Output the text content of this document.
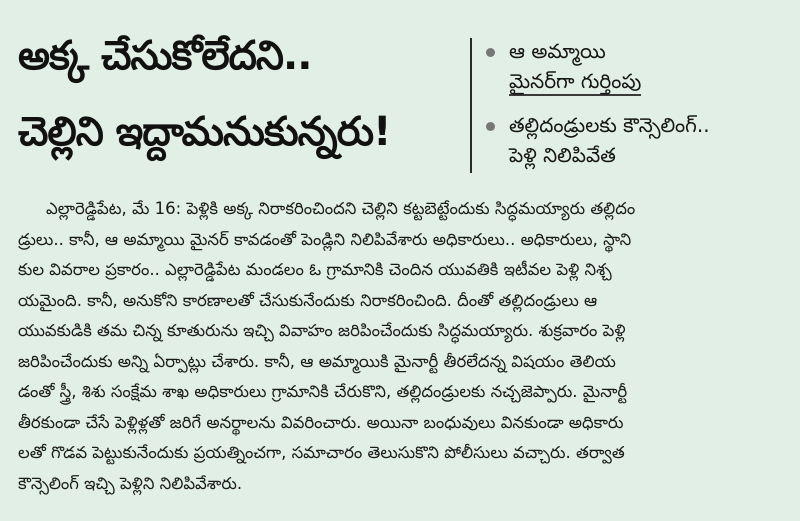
అక్క చేసుకోలేదని..
చెల్లిని ఇద్దామనుకున్నరు!
ఆ అమ్మాయి
మైనర్‌గా గుర్తింపు
తల్లిదండ్రులకు కౌన్సెలింగ్..
పెళ్లి నిలిపివేత
ఎల్లారెడ్డిపేట, మే 16: పెళ్లికి అక్క నిరాకరించిందని చెల్లిని కట్టబెట్టేందుకు సిద్ధమయ్యారు తల్లిదం
డ్రులు.. కానీ, ఆ అమ్మాయి మైనర్ కావడంతో పెండ్లిని నిలిపివేశారు అధికారులు.. అధికారులు, స్థాని
కుల వివరాల ప్రకారం.. ఎల్లారెడ్డిపేట మండలం ఓ గ్రామానికి చెందిన యువతికి ఇటీవల పెళ్లి నిశ్చ
యమైంది. కానీ, అనుకోని కారణాలతో చేసుకునేందుకు నిరాకరించింది. దీంతో తల్లిదండ్రులు ఆ
యువకుడికి తమ చిన్న కూతురును ఇచ్చి వివాహం జరిపించేందుకు సిద్ధమయ్యారు. శుక్రవారం పెళ్లి
జరిపించేందుకు అన్ని ఏర్పాట్లు చేశారు. కానీ, ఆ అమ్మాయికి మైనార్టీ తీరలేదన్న విషయం తెలియ
డంతో స్త్రీ, శిశు సంక్షేమ శాఖ అధికారులు గ్రామానికి చేరుకొని, తల్లిదండ్రులకు నచ్చజెప్పారు. మైనార్టీ
తీరకుండా చేసే పెళ్లిళ్లతో జరిగే అనర్థాలను వివరించారు. అయినా బంధువులు వినకుండా అధికారు
లతో గొడవ పెట్టుకునేందుకు ప్రయత్నించగా, సమాచారం తెలుసుకొని పోలీసులు వచ్చారు. తర్వాత
కౌన్సెలింగ్ ఇచ్చి పెళ్లిని నిలిపివేశారు.
